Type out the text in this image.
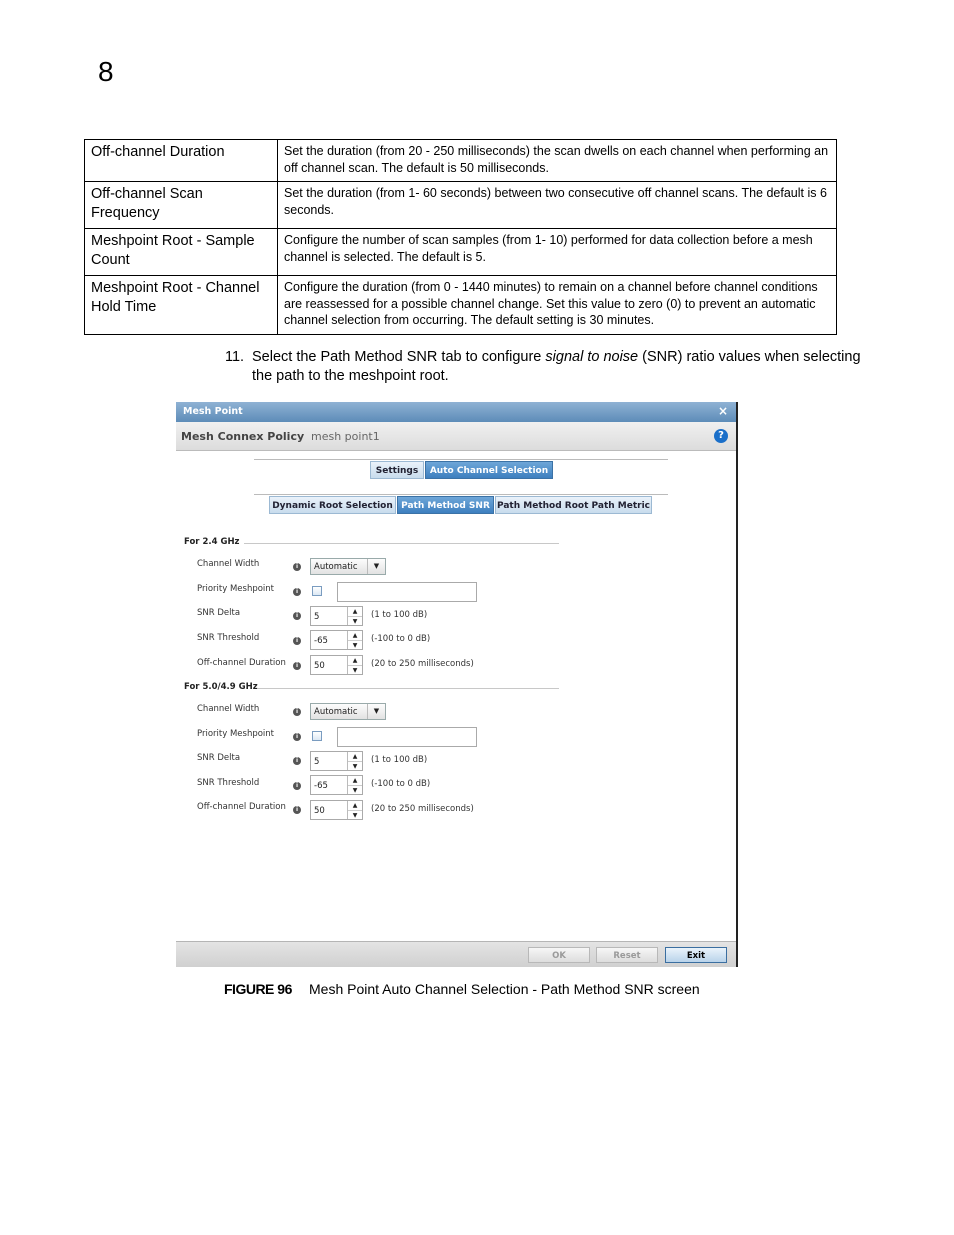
8
Off-channel Duration	Set the duration (from 20 - 250 milliseconds) the scan dwells on each channel when performing an off channel scan. The default is 50 milliseconds.
Off-channel Scan Frequency	Set the duration (from 1- 60 seconds) between two consecutive off channel scans. The default is 6 seconds.
Meshpoint Root - Sample Count	Configure the number of scan samples (from 1- 10) performed for data collection before a mesh channel is selected. The default is 5.
Meshpoint Root - Channel Hold Time	Configure the duration (from 0 - 1440 minutes) to remain on a channel before channel conditions are reassessed for a possible channel change. Set this value to zero (0) to prevent an automatic channel selection from occurring. The default setting is 30 minutes.
11. Select the Path Method SNR tab to configure signal to noise (SNR) ratio values when selecting the path to the meshpoint root.
Mesh Point	×
Mesh Connex Policy mesh point1	?
Settings	Auto Channel Selection
Dynamic Root Selection Path Method SNR Path Method Root Path Metric
For 2.4 GHz
Channel Width	i	Automatic	▼
Priority Meshpoint	i
SNR Delta	i	5
▲
▼
(1 to 100 dB)
SNR Threshold	i	-65
▲
▼
(-100 to 0 dB)
Off-channel Duration	i	50
▲
▼
(20 to 250 milliseconds)
For 5.0/4.9 GHz
Channel Width	i	Automatic	▼
Priority Meshpoint	i
SNR Delta	i	5
▲
▼
(1 to 100 dB)
SNR Threshold	i	-65
▲
▼
(-100 to 0 dB)
Off-channel Duration	i	50
▲
▼
(20 to 250 milliseconds)
OK	Reset	Exit
FIGURE 96 Mesh Point Auto Channel Selection - Path Method SNR screen
